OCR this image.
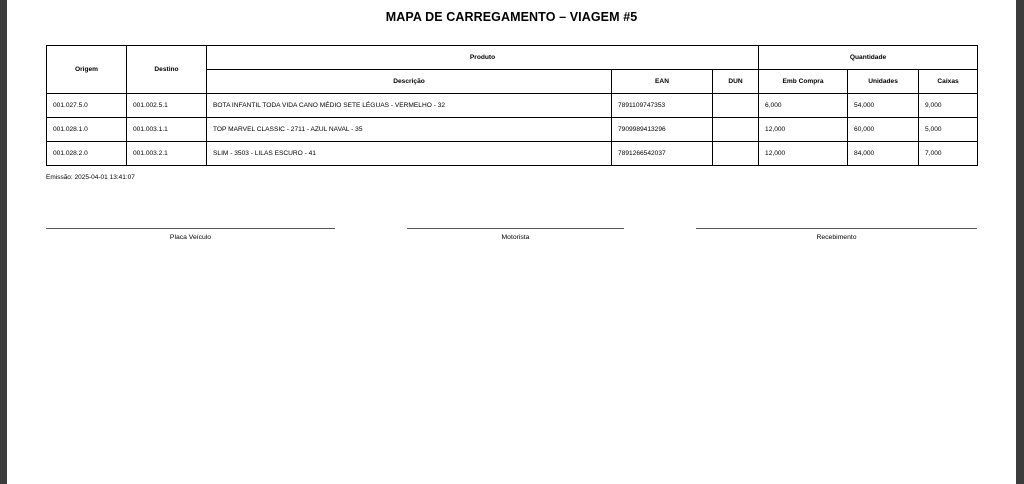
MAPA DE CARREGAMENTO – VIAGEM #5
Origem	Destino	Produto			Quantidade		
		Descrição	EAN	DUN	Emb Compra	Unidades	Caixas
001.027.5.0	001.002.5.1	BOTA INFANTIL TODA VIDA CANO MÉDIO SETE LÉGUAS - VERMELHO - 32	7891109747353		6,000	54,000	9,000
001.028.1.0	001.003.1.1	TOP MARVEL CLASSIC - 2711 - AZUL NAVAL - 35	7909989413296		12,000	60,000	5,000
001.028.2.0	001.003.2.1	SLIM - 3503 - LILAS ESCURO - 41	7891266542037		12,000	84,000	7,000
Emissão: 2025-04-01 13:41:07
Placa Veículo	Motorista	Recebimento
